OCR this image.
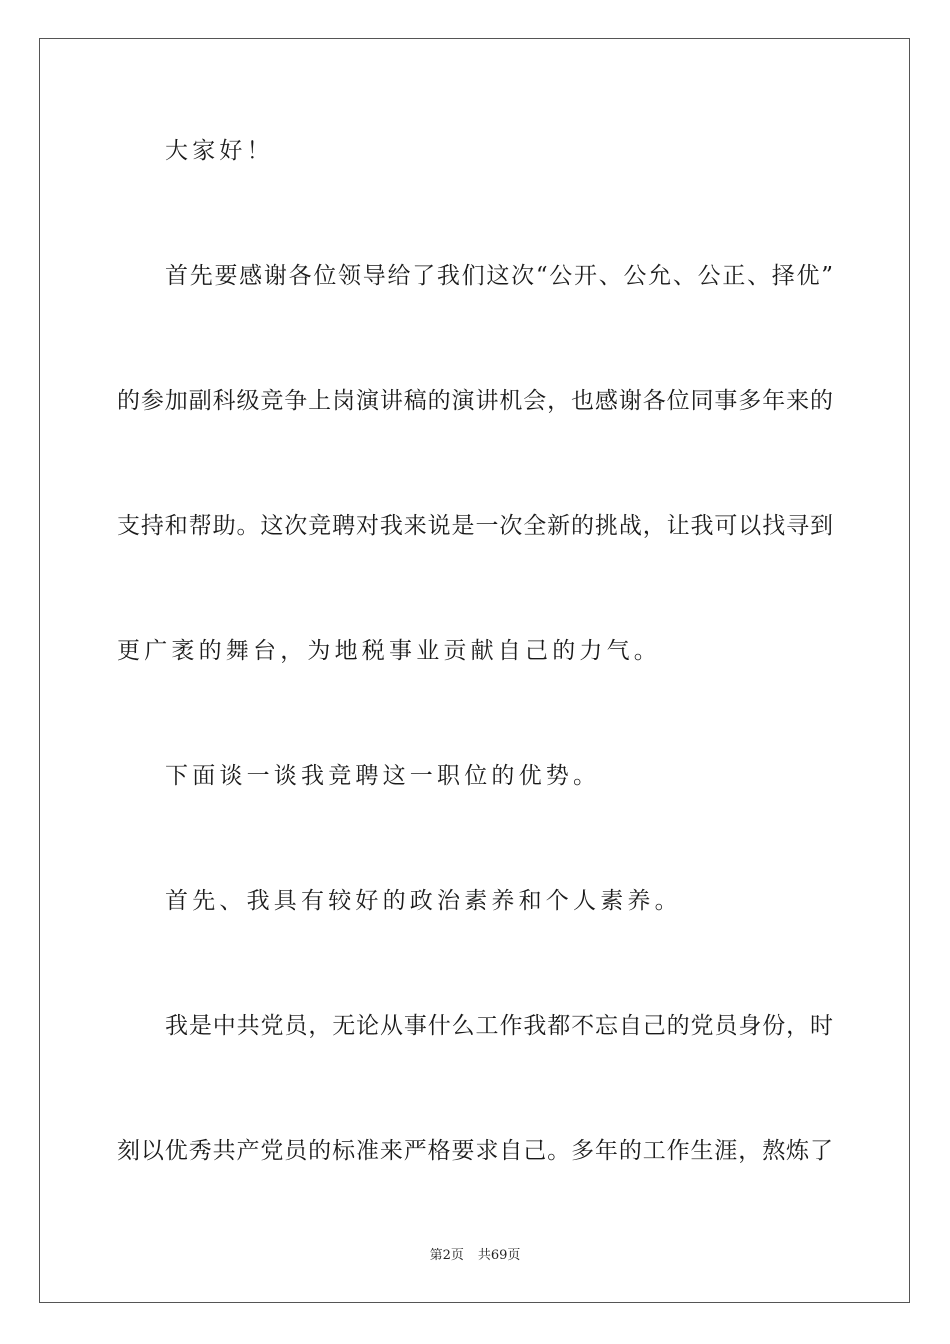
大家好！
首先要感谢各位领导给了我们这次“公开、公允、公正、择优”
的参加副科级竞争上岗演讲稿的演讲机会，也感谢各位同事多年来的
支持和帮助。这次竞聘对我来说是一次全新的挑战，让我可以找寻到
更广袤的舞台，为地税事业贡献自己的力气。
下面谈一谈我竞聘这一职位的优势。
首先、我具有较好的政治素养和个人素养。
我是中共党员，无论从事什么工作我都不忘自己的党员身份，时
刻以优秀共产党员的标准来严格要求自己。多年的工作生涯，熬炼了
第2页 共69页
